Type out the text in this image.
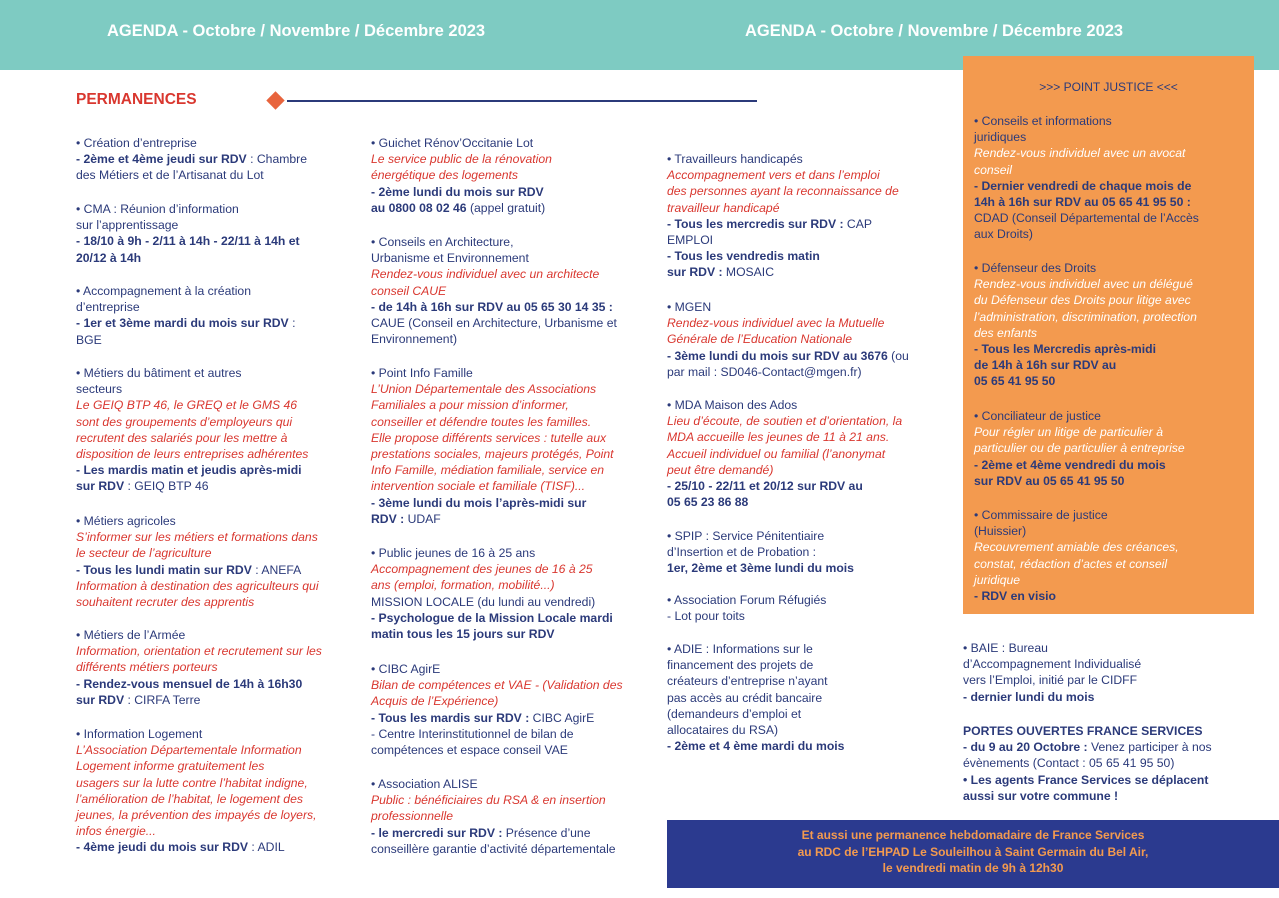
AGENDA - Octobre / Novembre / Décembre 2023	AGENDA - Octobre / Novembre / Décembre 2023
PERMANENCES
• Création d’entreprise
- 2ème et 4ème jeudi sur RDV : Chambre
des Métiers et de l’Artisanat du Lot
• CMA : Réunion d’information
sur l’apprentissage
- 18/10 à 9h - 2/11 à 14h - 22/11 à 14h et
20/12 à 14h
• Accompagnement à la création
d’entreprise
- 1er et 3ème mardi du mois sur RDV :
BGE
• Métiers du bâtiment et autres
secteurs
Le GEIQ BTP 46, le GREQ et le GMS 46
sont des groupements d’employeurs qui
recrutent des salariés pour les mettre à
disposition de leurs entreprises adhérentes
- Les mardis matin et jeudis après-midi
sur RDV : GEIQ BTP 46
• Métiers agricoles
S’informer sur les métiers et formations dans
le secteur de l’agriculture
- Tous les lundi matin sur RDV : ANEFA
Information à destination des agriculteurs qui
souhaitent recruter des apprentis
• Métiers de l’Armée
Information, orientation et recrutement sur les
différents métiers porteurs
- Rendez-vous mensuel de 14h à 16h30
sur RDV : CIRFA Terre
• Information Logement
L’Association Départementale Information
Logement informe gratuitement les
usagers sur la lutte contre l’habitat indigne,
l’amélioration de l’habitat, le logement des
jeunes, la prévention des impayés de loyers,
infos énergie...
- 4ème jeudi du mois sur RDV : ADIL
• Guichet Rénov’Occitanie Lot
Le service public de la rénovation
énergétique des logements
- 2ème lundi du mois sur RDV
au 0800 08 02 46 (appel gratuit)
• Conseils en Architecture,
Urbanisme et Environnement
Rendez-vous individuel avec un architecte
conseil CAUE
- de 14h à 16h sur RDV au 05 65 30 14 35 :
CAUE (Conseil en Architecture, Urbanisme et
Environnement)
• Point Info Famille
L’Union Départementale des Associations
Familiales a pour mission d’informer,
conseiller et défendre toutes les familles.
Elle propose différents services : tutelle aux
prestations sociales, majeurs protégés, Point
Info Famille, médiation familiale, service en
intervention sociale et familiale (TISF)...
- 3ème lundi du mois l’après-midi sur
RDV : UDAF
• Public jeunes de 16 à 25 ans
Accompagnement des jeunes de 16 à 25
ans (emploi, formation, mobilité...)
MISSION LOCALE (du lundi au vendredi)
- Psychologue de la Mission Locale mardi
matin tous les 15 jours sur RDV
• CIBC AgirE
Bilan de compétences et VAE - (Validation des
Acquis de l’Expérience)
- Tous les mardis sur RDV : CIBC AgirE
- Centre Interinstitutionnel de bilan de
compétences et espace conseil VAE
• Association ALISE
Public : bénéficiaires du RSA & en insertion
professionnelle
- le mercredi sur RDV : Présence d’une
conseillère garantie d’activité départementale
• Travailleurs handicapés
Accompagnement vers et dans l’emploi
des personnes ayant la reconnaissance de
travailleur handicapé
- Tous les mercredis sur RDV : CAP
EMPLOI
- Tous les vendredis matin
sur RDV : MOSAIC
• MGEN
Rendez-vous individuel avec la Mutuelle
Générale de l’Education Nationale
- 3ème lundi du mois sur RDV au 3676 (ou
par mail : SD046-Contact@mgen.fr)
• MDA Maison des Ados
Lieu d’écoute, de soutien et d’orientation, la
MDA accueille les jeunes de 11 à 21 ans.
Accueil individuel ou familial (l’anonymat
peut être demandé)
- 25/10 - 22/11 et 20/12 sur RDV au
05 65 23 86 88
• SPIP : Service Pénitentiaire
d’Insertion et de Probation :
1er, 2ème et 3ème lundi du mois
• Association Forum Réfugiés
- Lot pour toits
• ADIE : Informations sur le
financement des projets de
créateurs d’entreprise n’ayant
pas accès au crédit bancaire
(demandeurs d’emploi et
allocataires du RSA)
- 2ème et 4 ème mardi du mois
>>> POINT JUSTICE <<<
• Conseils et informations
juridiques
Rendez-vous individuel avec un avocat
conseil
- Dernier vendredi de chaque mois de
14h à 16h sur RDV au 05 65 41 95 50 :
CDAD (Conseil Départemental de l’Accès
aux Droits)
• Défenseur des Droits
Rendez-vous individuel avec un délégué
du Défenseur des Droits pour litige avec
l’administration, discrimination, protection
des enfants
- Tous les Mercredis après-midi
de 14h à 16h sur RDV au
05 65 41 95 50
• Conciliateur de justice
Pour régler un litige de particulier à
particulier ou de particulier à entreprise
- 2ème et 4ème vendredi du mois
sur RDV au 05 65 41 95 50
• Commissaire de justice
(Huissier)
Recouvrement amiable des créances,
constat, rédaction d’actes et conseil
juridique
- RDV en visio
• BAIE : Bureau
d’Accompagnement Individualisé
vers l’Emploi, initié par le CIDFF
- dernier lundi du mois
PORTES OUVERTES FRANCE SERVICES
- du 9 au 20 Octobre : Venez participer à nos
évènements (Contact : 05 65 41 95 50)
• Les agents France Services se déplacent
aussi sur votre commune !
Et aussi une permanence hebdomadaire de France Services
au RDC de l’EHPAD Le Souleilhou à Saint Germain du Bel Air,
le vendredi matin de 9h à 12h30
